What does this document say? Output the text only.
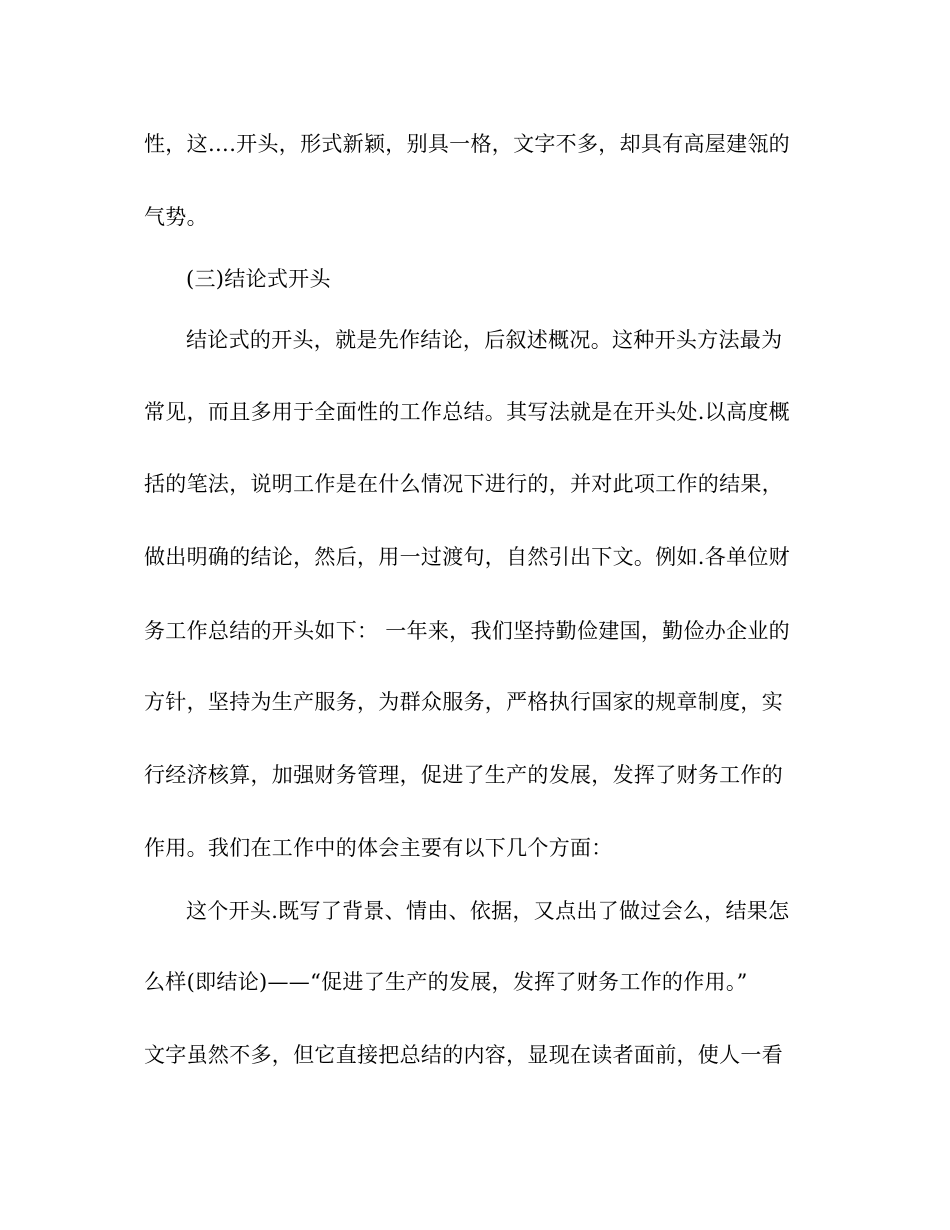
性，这….开头，形式新颖，别具一格，文字不多，却具有高屋建瓴的
气势。
(三)结论式开头
结论式的开头，就是先作结论，后叙述概况。这种开头方法最为
常见，而且多用于全面性的工作总结。其写法就是在开头处.以高度概
括的笔法，说明工作是在什么情况下进行的，并对此项工作的结果，
做出明确的结论，然后，用一过渡句，自然引出下文。例如.各单位财
务工作总结的开头如下： 一年来，我们坚持勤俭建国，勤俭办企业的
方针，坚持为生产服务，为群众服务，严格执行国家的规章制度，实
行经济核算，加强财务管理，促进了生产的发展，发挥了财务工作的
作用。我们在工作中的体会主要有以下几个方面：
这个开头.既写了背景、情由、依据，又点出了做过会么，结果怎
么样(即结论)——“促进了生产的发展，发挥了财务工作的作用。”
文字虽然不多，但它直接把总结的内容，显现在读者面前，使人一看
